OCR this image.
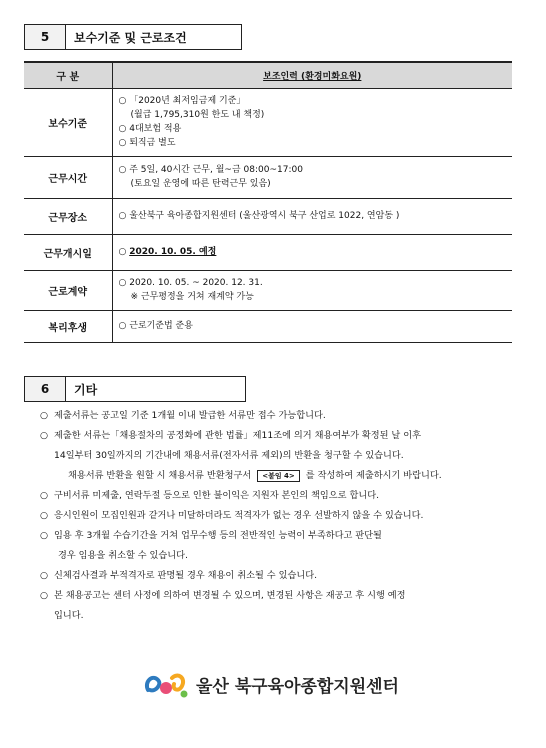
5	보수기준 및 근로조건
구 분	보조인력 (환경미화요원)
보수기준	○ 「2020년 최저임금제 기준」
(월급 1,795,310원 한도 내 책정)
○ 4대보험 적용
○ 퇴직금 별도

근무시간	○ 주 5일, 40시간 근무, 월~금 08:00~17:00
(토요일 운영에 따른 탄력근무 있음)

근무장소	○ 울산북구 육아종합지원센터 (울산광역시 북구 산업로 1022, 연암동 )

근무개시일	○ 2020. 10. 05. 예정
근로계약	○ 2020. 10. 05. ~ 2020. 12. 31.
※ 근무평정을 거쳐 재계약 가능

복리후생	○ 근로기준법 준용
6	기타
○ 제출서류는 공고일 기준 1개월 이내 발급한 서류만 접수 가능합니다.
○ 제출한 서류는「채용절차의 공정화에 관한 법률」제11조에 의거 채용여부가 확정된 날 이후
14일부터 30일까지의 기간내에 채용서류(전자서류 제외)의 반환을 청구할 수 있습니다.
채용서류 반환을 원할 시 채용서류 반환청구서 <붙임 4> 를 작성하여 제출하시기 바랍니다.
○ 구비서류 미제출, 연락두절 등으로 인한 불이익은 지원자 본인의 책임으로 합니다.
○ 응시인원이 모집인원과 같거나 미달하더라도 적격자가 없는 경우 선발하지 않을 수 있습니다.
○ 임용 후 3개월 수습기간을 거쳐 업무수행 등의 전반적인 능력이 부족하다고 판단될
경우 임용을 취소할 수 있습니다.
○ 신체검사결과 부적격자로 판명될 경우 채용이 취소될 수 있습니다.
○ 본 채용공고는 센터 사정에 의하여 변경될 수 있으며, 변경된 사항은 재공고 후 시행 예정
입니다.
울산 북구육아종합지원센터
